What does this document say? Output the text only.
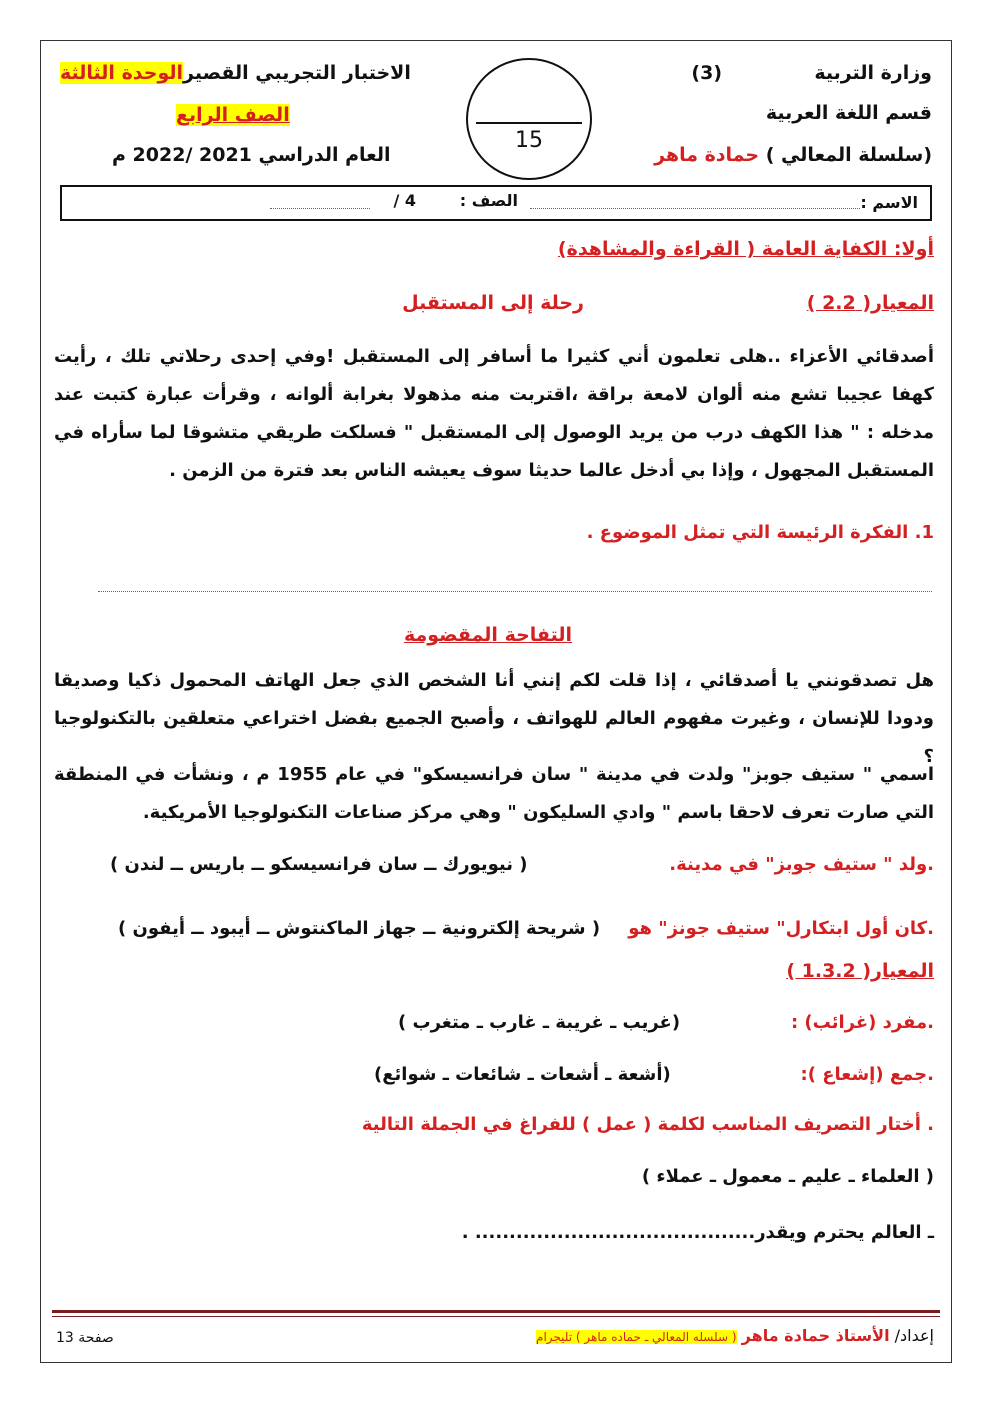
وزارة التربية
(3)
قسم اللغة العربية
(سلسلة المعالي ) حمادة ماهر
15
الاختبار التجريبي القصيرالوحدة الثالثة
الصف الرابع
العام الدراسي 2021 /2022 م
الاسم :
الصف :
4 /
أولا: الكفاية العامة ( القراءة والمشاهدة)
المعيار( 2.2 )
رحلة إلى المستقبل
أصدقائي الأعزاء ..هلى تعلمون أني كثيرا ما أسافر إلى المستقبل !وفي إحدى رحلاتي تلك ، رأيت كهفا عجيبا تشع منه ألوان لامعة براقة ،اقتربت منه مذهولا بغرابة ألوانه ، وقرأت عبارة كتبت عند مدخله : " هذا الكهف درب من يريد الوصول إلى المستقبل " فسلكت طريقي متشوقا لما سأراه في المستقبل المجهول ، وإذا بي أدخل عالما حديثا سوف يعيشه الناس بعد فترة من الزمن .
1. الفكرة الرئيسة التي تمثل الموضوع .
التفاحة المقضومة
هل تصدقونني يا أصدقائي ، إذا قلت لكم إنني أنا الشخص الذي جعل الهاتف المحمول ذكيا وصديقا ودودا للإنسان ، وغيرت مفهوم العالم للهواتف ، وأصبح الجميع بفضل اختراعي متعلقين بالتكنولوجيا ؟
اسمي " ستيف جوبز" ولدت في مدينة " سان فرانسيسكو" في عام 1955 م ، ونشأت في المنطقة التي صارت تعرف لاحقا باسم " وادي السليكون " وهي مركز صناعات التكنولوجيا الأمريكية.
.ولد " ستيف جوبز" في مدينة.
( نيويورك ــ سان فرانسيسكو ــ باريس ــ لندن )
.كان أول ابتكارل" ستيف جونز" هو
( شريحة إلكترونية ــ جهاز الماكنتوش ــ أيبود ــ أيفون )
المعيار( 1.3.2 )
.مفرد (غرائب) :
(غريب ـ غريبة ـ غارب ـ متغرب )
.جمع (إشعاع ):
(أشعة ـ أشعات ـ شائعات ـ شوائع)
. أختار التصريف المناسب لكلمة ( عمل ) للفراغ في الجملة التالية
( العلماء ـ عليم ـ معمول ـ عملاء )
ـ العالم يحترم ويقدر......................................... .
إعداد/ الأستاذ حمادة ماهر ( سلسله المعالي ـ حماده ماهر ) تليجرام
صفحة 13
